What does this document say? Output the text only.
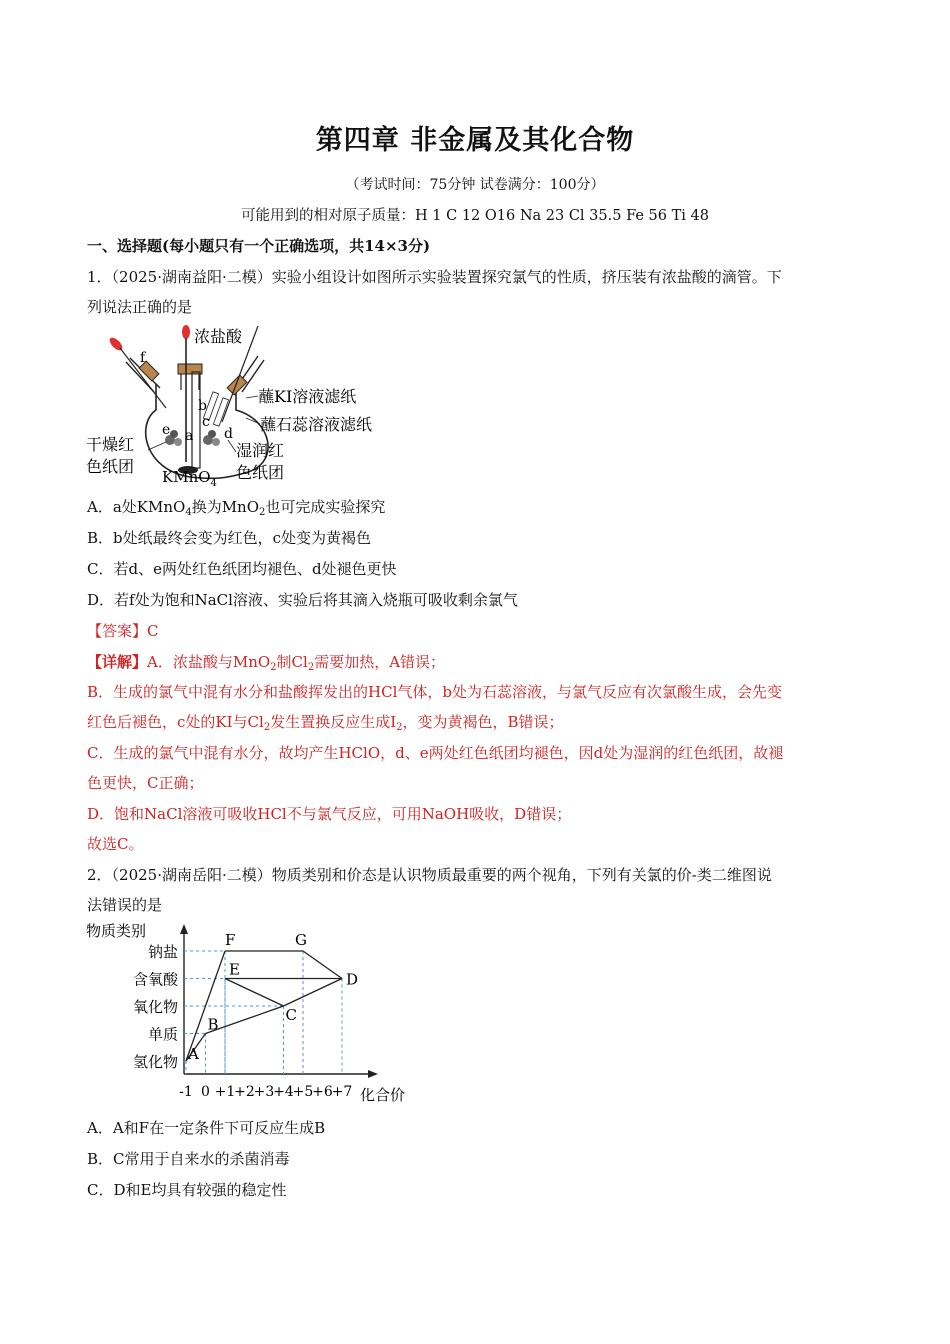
第四章 非金属及其化合物
（考试时间：75分钟 试卷满分：100分）
可能用到的相对原子质量：H 1 C 12 O16 Na 23 Cl 35.5 Fe 56 Ti 48
一、选择题(每小题只有一个正确选项，共14×3分)
1．（2025·湖南益阳·二模）实验小组设计如图所示实验装置探究氯气的性质，挤压装有浓盐酸的滴管。下
列说法正确的是
浓盐酸
f
a
b
c
d
e
蘸KI溶液滤纸
蘸石蕊溶液滤纸
湿润红
色纸团
干燥红
色纸团
KMnO$_4$
A．a处KMnO$_4$换为MnO$_2$也可完成实验探究
B．b处纸最终会变为红色，c处变为黄褐色
C．若d、e两处红色纸团均褪色、d处褪色更快
D．若f处为饱和NaCl溶液、实验后将其滴入烧瓶可吸收剩余氯气
【答案】C
【详解】A．浓盐酸与MnO$_2$制$Cl_2$需要加热，A错误；
B．生成的氯气中混有水分和盐酸挥发出的HCl气体，b处为石蕊溶液，与氯气反应有次氯酸生成，会先变
红色后褪色，c处的KI与$Cl_2$发生置换反应生成$I_2$，变为黄褐色，B错误；
C．生成的氯气中混有水分，故均产生HClO，d、e两处红色纸团均褪色，因d处为湿润的红色纸团，故褪
色更快，C正确；
D．饱和NaCl溶液可吸收HCl不与氯气反应，可用NaOH吸收，D错误；
故选C。
2．（2025·湖南岳阳·二模）物质类别和价态是认识物质最重要的两个视角，下列有关氯的价-类二维图说
法错误的是
物质类别
化合价
氢化物
单质
氧化物
含氧酸
钠盐
-1 0 +1
+2
+3
+4
+5
+6
+7
A
B
C
D
E
F	G
A．A和F在一定条件下可反应生成B
B．C常用于自来水的杀菌消毒
C．D和E均具有较强的稳定性
